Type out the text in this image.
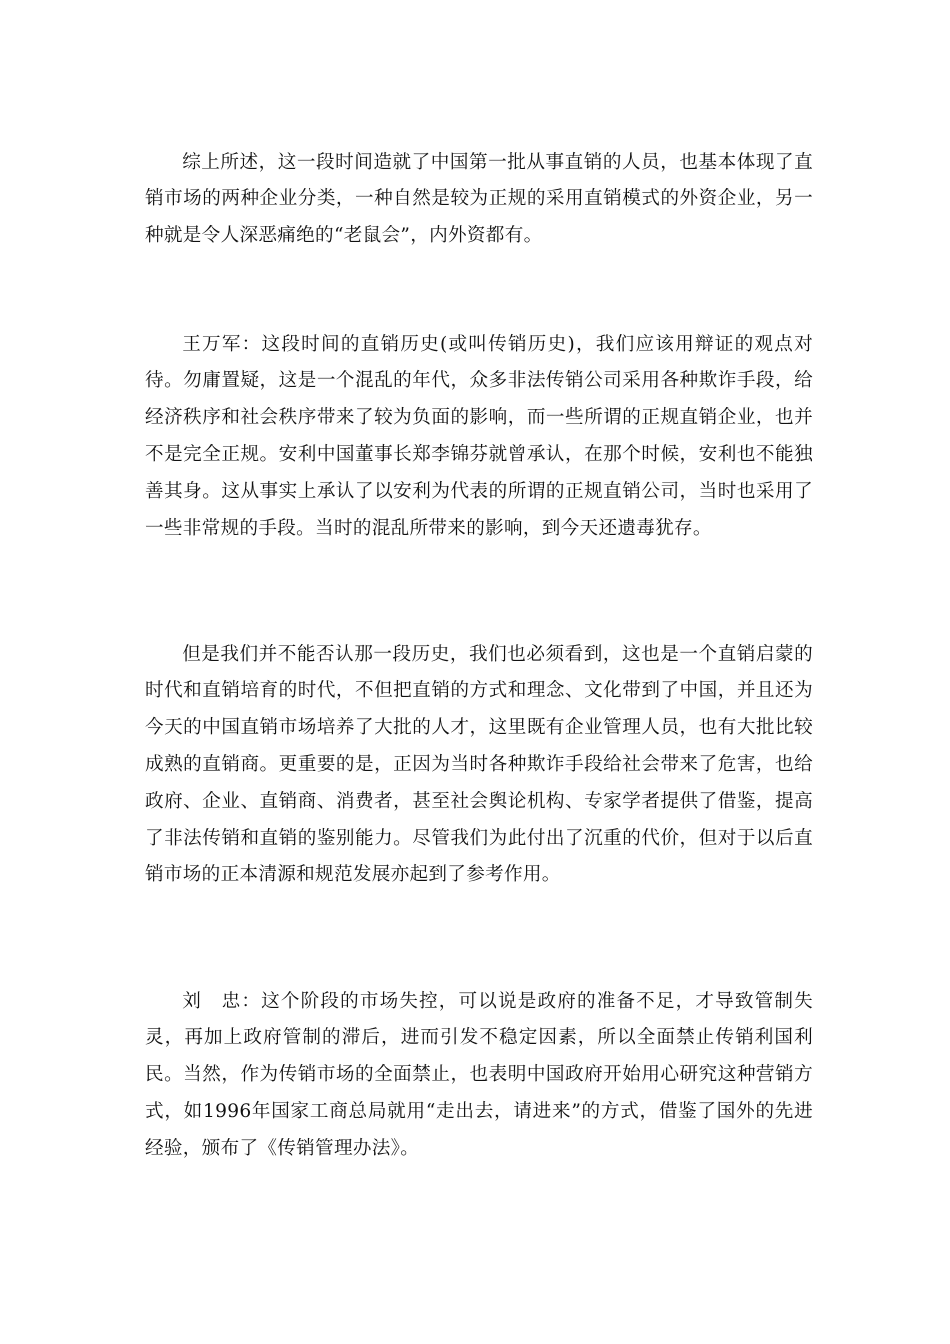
综上所述，这一段时间造就了中国第一批从事直销的人员，也基本体现了直销市场的两种企业分类，一种自然是较为正规的采用直销模式的外资企业，另一种就是令人深恶痛绝的“老鼠会”，内外资都有。

王万军：这段时间的直销历史(或叫传销历史)，我们应该用辩证的观点对待。勿庸置疑，这是一个混乱的年代，众多非法传销公司采用各种欺诈手段，给经济秩序和社会秩序带来了较为负面的影响，而一些所谓的正规直销企业，也并不是完全正规。安利中国董事长郑李锦芬就曾承认，在那个时候，安利也不能独善其身。这从事实上承认了以安利为代表的所谓的正规直销公司，当时也采用了一些非常规的手段。当时的混乱所带来的影响，到今天还遗毒犹存。

但是我们并不能否认那一段历史，我们也必须看到，这也是一个直销启蒙的时代和直销培育的时代，不但把直销的方式和理念、文化带到了中国，并且还为今天的中国直销市场培养了大批的人才，这里既有企业管理人员，也有大批比较成熟的直销商。更重要的是，正因为当时各种欺诈手段给社会带来了危害，也给政府、企业、直销商、消费者，甚至社会舆论机构、专家学者提供了借鉴，提高了非法传销和直销的鉴别能力。尽管我们为此付出了沉重的代价，但对于以后直销市场的正本清源和规范发展亦起到了参考作用。

刘　忠：这个阶段的市场失控，可以说是政府的准备不足，才导致管制失灵，再加上政府管制的滞后，进而引发不稳定因素，所以全面禁止传销利国利民。当然，作为传销市场的全面禁止，也表明中国政府开始用心研究这种营销方式，如1996年国家工商总局就用“走出去，请进来”的方式，借鉴了国外的先进经验，颁布了《传销管理办法》。
